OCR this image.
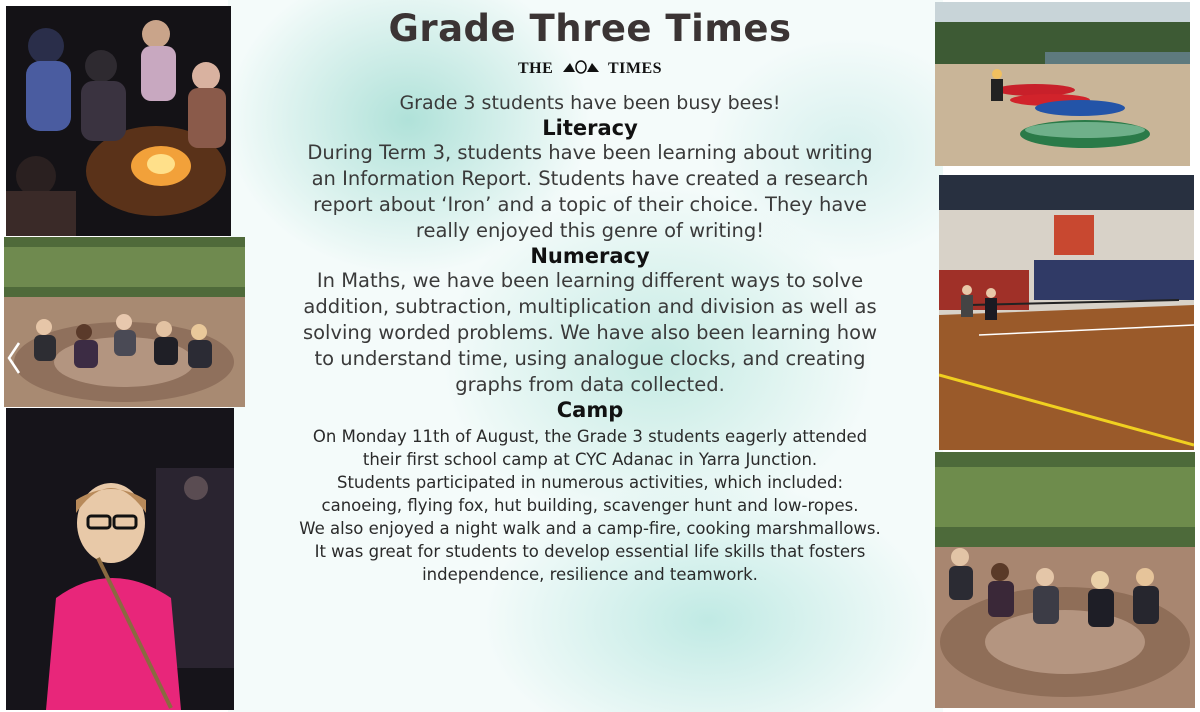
Grade Three Times
THE	TIMES
Grade 3 students have been busy bees!
Literacy
During Term 3, students have been learning about writing
an Information Report. Students have created a research
report about ‘Iron’ and a topic of their choice. They have
really enjoyed this genre of writing!
Numeracy
In Maths, we have been learning different ways to solve
addition, subtraction, multiplication and division as well as
solving worded problems. We have also been learning how
to understand time, using analogue clocks, and creating
graphs from data collected.
Camp
On Monday 11th of August, the Grade 3 students eagerly attended
their first school camp at CYC Adanac in Yarra Junction.
Students participated in numerous activities, which included:
canoeing, flying fox, hut building, scavenger hunt and low-ropes.
We also enjoyed a night walk and a camp-fire, cooking marshmallows.
It was great for students to develop essential life skills that fosters
independence, resilience and teamwork.
